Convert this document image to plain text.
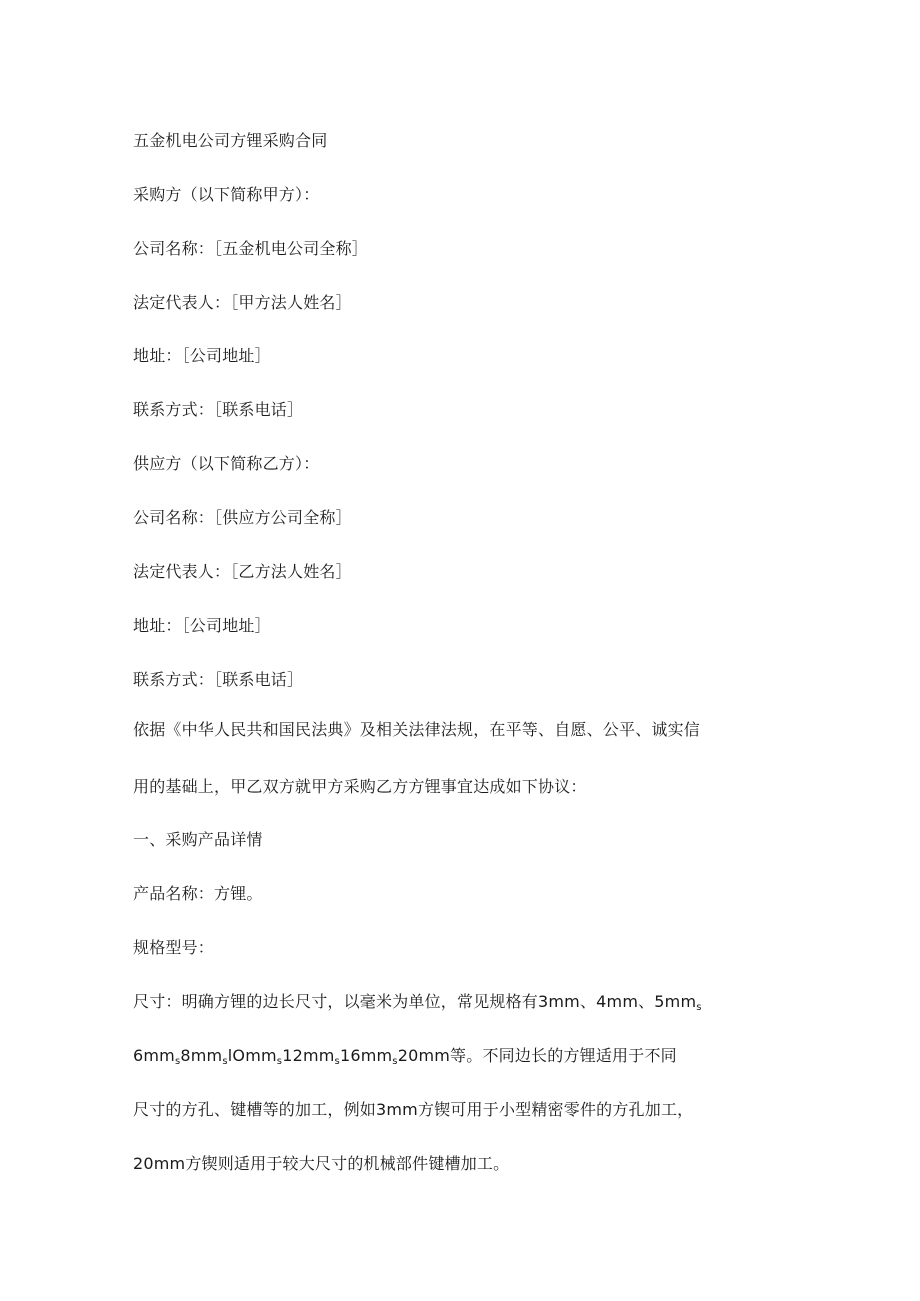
五金机电公司方锂采购合同
采购方（以下简称甲方）：
公司名称：［五金机电公司全称］
法定代表人：［甲方法人姓名］
地址：［公司地址］
联系方式：［联系电话］
供应方（以下简称乙方）：
公司名称：［供应方公司全称］
法定代表人：［乙方法人姓名］
地址：［公司地址］
联系方式：［联系电话］
依据《中华人民共和国民法典》及相关法律法规，在平等、自愿、公平、诚实信
用的基础上，甲乙双方就甲方采购乙方方锂事宜达成如下协议：
一、采购产品详情
产品名称：方锂。
规格型号：
尺寸：明确方锂的边长尺寸，以毫米为单位，常见规格有3mm、4mm、$5mm_s$
$6mm_s8mm_slOmm_s12mm_s16mm_s20mm$等。不同边长的方锂适用于不同
尺寸的方孔、键槽等的加工，例如3mm方锲可用于小型精密零件的方孔加工，
20mm方锲则适用于较大尺寸的机械部件键槽加工。
